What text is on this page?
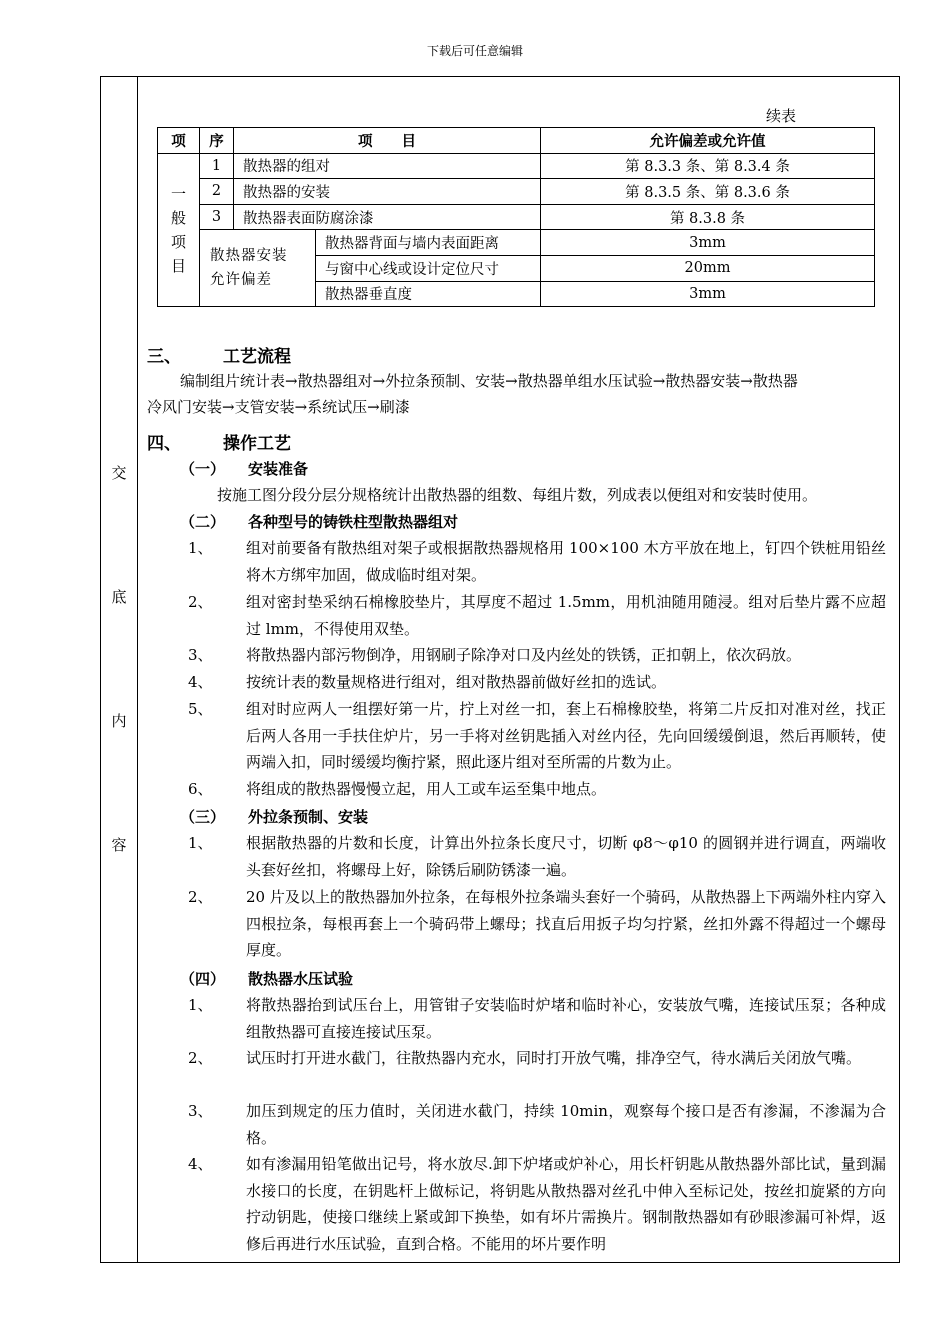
下载后可任意编辑
交
底
内
容
续表
项	序	项　　目		允许偏差或允许值

一
般
项
目	1	散热器的组对		第 8.3.3 条、第 8.3.4 条
	2	散热器的安装		第 8.3.5 条、第 8.3.6 条
	3	散热器表面防腐涂漆		第 8.3.8 条

	散热器安装
允许偏差		散热器背面与墙内表面距离	3mm
			与窗中心线或设计定位尺寸	20mm
			散热器垂直度	3mm
三、 工艺流程
编制组片统计表→散热器组对→外拉条预制、安装→散热器单组水压试验→散热器安装→散热器
冷风门安装→支管安装→系统试压→刷漆
四、 操作工艺
（一） 安装准备
按施工图分段分层分规格统计出散热器的组数、每组片数，列成表以便组对和安装时使用。
（二） 各种型号的铸铁柱型散热器组对
1、 组对前要备有散热组对架子或根据散热器规格用 100×100 木方平放在地上，钉四个铁桩用铅丝将木方绑牢加固，做成临时组对架。
2、 组对密封垫采纳石棉橡胶垫片，其厚度不超过 1.5mm，用机油随用随浸。组对后垫片露不应超过 lmm，不得使用双垫。
3、 将散热器内部污物倒净，用钢刷子除净对口及内丝处的铁锈，正扣朝上，依次码放。
4、 按统计表的数量规格进行组对，组对散热器前做好丝扣的选试。
5、 组对时应两人一组摆好第一片，拧上对丝一扣，套上石棉橡胶垫，将第二片反扣对准对丝，找正后两人各用一手扶住炉片，另一手将对丝钥匙插入对丝内径，先向回缓缓倒退，然后再顺转，使两端入扣，同时缓缓均衡拧紧，照此逐片组对至所需的片数为止。
6、 将组成的散热器慢慢立起，用人工或车运至集中地点。
（三） 外拉条预制、安装
1、 根据散热器的片数和长度，计算出外拉条长度尺寸，切断 φ8～φ10 的圆钢并进行调直，两端收头套好丝扣，将螺母上好，除锈后刷防锈漆一遍。
2、 20 片及以上的散热器加外拉条，在每根外拉条端头套好一个骑码，从散热器上下两端外柱内穿入四根拉条，每根再套上一个骑码带上螺母；找直后用扳子均匀拧紧，丝扣外露不得超过一个螺母厚度。
（四） 散热器水压试验
1、 将散热器抬到试压台上，用管钳子安装临时炉堵和临时补心，安装放气嘴，连接试压泵；各种成组散热器可直接连接试压泵。
2、 试压时打开进水截门，往散热器内充水，同时打开放气嘴，排净空气，待水满后关闭放气嘴。
3、 加压到规定的压力值时，关闭进水截门，持续 10min，观察每个接口是否有渗漏，不渗漏为合格。
4、 如有渗漏用铅笔做出记号，将水放尽.卸下炉堵或炉补心，用长杆钥匙从散热器外部比试，量到漏水接口的长度，在钥匙杆上做标记，将钥匙从散热器对丝孔中伸入至标记处，按丝扣旋紧的方向拧动钥匙，使接口继续上紧或卸下换垫，如有坏片需换片。钢制散热器如有砂眼渗漏可补焊，返修后再进行水压试验，直到合格。不能用的坏片要作明
